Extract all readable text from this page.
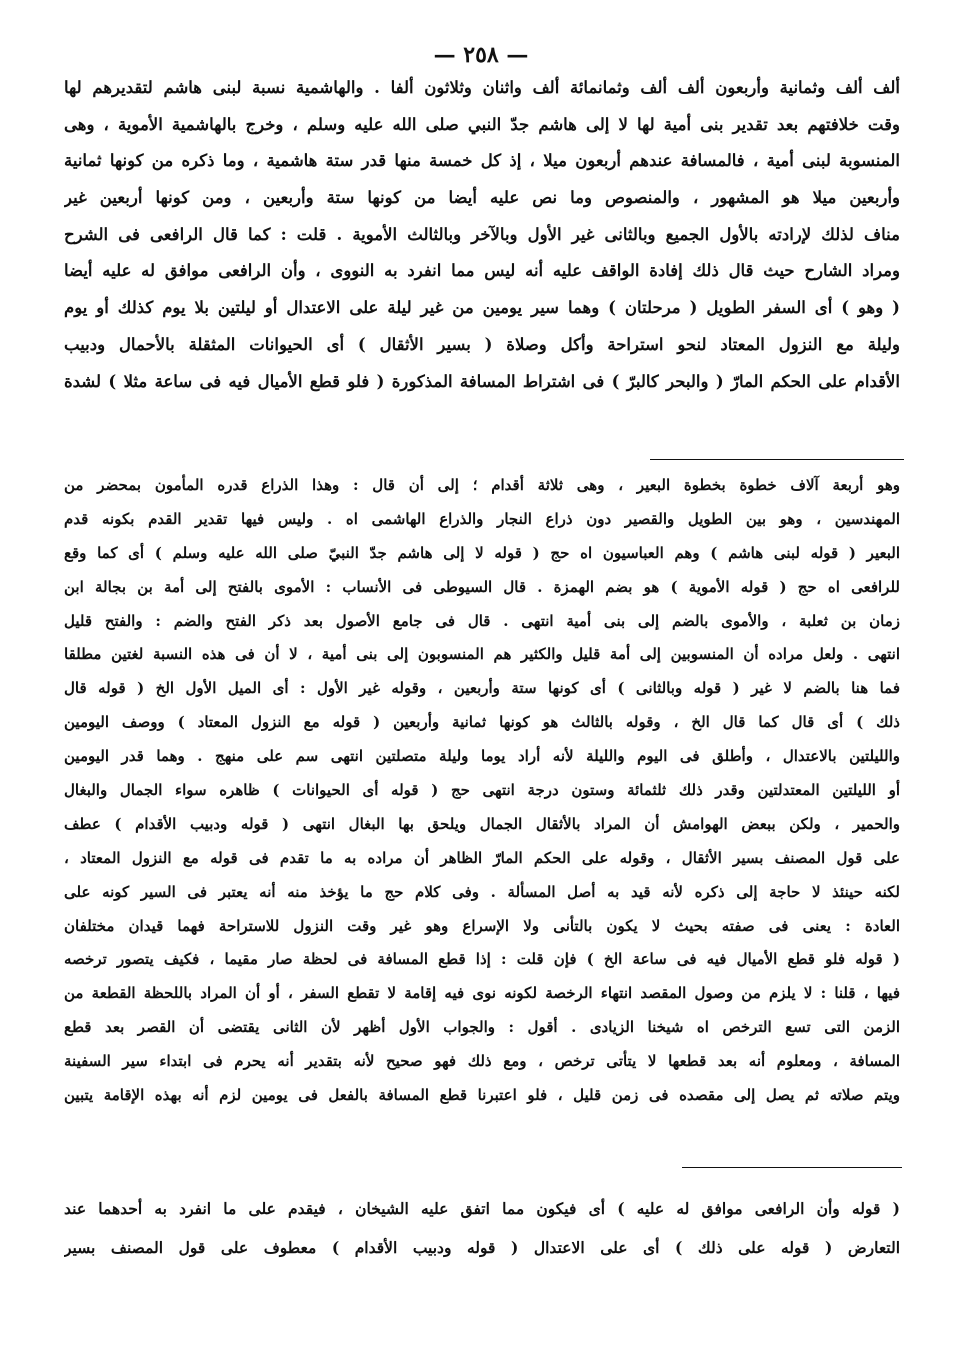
— ٢٥٨ —
ألف ألف وثمانية وأربعون ألف ألف وثمانمائة ألف واثنان وثلاثون ألفا . والهاشمية نسبة لبنى هاشم لتقديرهم لها
وقت خلافتهم بعد تقدير بنى أمية لها لا إلى هاشم جدّ النبي صلى الله عليه وسلم ، وخرج بالهاشمية الأموية ، وهى
المنسوبة لبنى أمية ، فالمسافة عندهم أربعون ميلا ، إذ كل خمسة منها قدر ستة هاشمية ، وما ذكره من كونها ثمانية
وأربعين ميلا هو المشهور ، والمنصوص وما نص عليه أيضا من كونها ستة وأربعين ، ومن كونها أربعين غير
مناف لذلك لإرادته بالأول الجميع وبالثانى غير الأول وبالآخر وبالثالث الأموية . قلت : كما قال الرافعى فى الشرح
ومراد الشارح حيث قال ذلك إفادة الواقف عليه أنه ليس مما انفرد به النووى ، وأن الرافعى موافق له عليه أيضا
( وهو ) أى السفر الطويل ( مرحلتان ) وهما سير يومين من غير ليلة على الاعتدال أو ليلتين بلا يوم كذلك أو يوم
وليلة مع النزول المعتاد لنحو استراحة وأكل وصلاة ( بسير الأثقال ) أى الحيوانات المثقلة بالأحمال ودبيب
الأقدام على الحكم المارّ ( والبحر كالبرّ ) فى اشتراط المسافة المذكورة ( فلو قطع الأميال فيه فى ساعة مثلا ) لشدة
وهو أربعة آلاف خطوة بخطوة البعير ، وهى ثلاثة أقدام ؛ إلى أن قال : وهذا الذراع قدره المأمون بمحضر من
المهندسين ، وهو بين الطويل والقصير دون ذراع النجار والذراع الهاشمى اه . وليس فيها تقدير القدم بكونه قدم
البعير ( قوله لبنى هاشم ) وهم العباسيون اه حج ( قوله لا إلى هاشم جدّ النبيّ صلى الله عليه وسلم ) أى كما وقع
للرافعى اه حج ( قوله الأموية ) هو بضم الهمزة . قال السيوطى فى الأنساب : الأموى بالفتح إلى أمة بن بجالة ابن
زمان بن ثعلبة ، والأموى بالضم إلى بنى أمية انتهى . قال فى جامع الأصول بعد ذكر الفتح والضم : والفتح قليل
انتهى . ولعل مراده أن المنسوبين إلى أمة قليل والكثير هم المنسوبون إلى بنى أمية ، لا أن فى هذه النسبة لغتين مطلقا
فما هنا بالضم لا غير ( قوله وبالثانى ) أى كونها ستة وأربعين ، وقوله غير الأول : أى الميل الأول الخ ( قوله قال
ذلك ) أى قال كما قال الخ ، وقوله بالثالث هو كونها ثمانية وأربعين ( قوله مع النزول المعتاد ) ووصف اليومين
والليلتين بالاعتدال ، وأطلق فى اليوم والليلة لأنه أراد يوما وليلة متصلتين انتهى سم على منهج . وهما قدر اليومين
أو الليلتين المعتدلتين وقدر ذلك ثلثمائة وستون درجة انتهى حج ( قوله أى الحيوانات ) ظاهره سواء الجمال والبغال
والحمير ، ولكن ببعض الهوامش أن المراد بالأثقال الجمال ويلحق بها البغال انتهى ( قوله ودبيب الأقدام ) عطف
على قول المصنف بسير الأثقال ، وقوله على الحكم المارّ الظاهر أن مراده به ما تقدم فى قوله مع النزول المعتاد ،
لكنه حينئذ لا حاجة إلى ذكره لأنه قيد به أصل المسألة . وفى كلام حج ما يؤخذ منه أنه يعتبر فى السير كونه على
العادة : يعنى فى صفته بحيث لا يكون بالتأنى ولا الإسراع وهو غير وقت النزول للاستراحة فهما قيدان مختلفان
( قوله فلو قطع الأميال فيه فى ساعة الخ ) فإن قلت : إذا قطع المسافة فى لحظة صار مقيما ، فكيف يتصور ترخصه
فيها ، قلنا : لا يلزم من وصول المقصد انتهاء الرخصة لكونه نوى فيه إقامة لا تقطع السفر ، أو أن المراد باللحظة القطعة من
الزمن التى تسع الترخص اه شيخنا الزيادى . أقول : والجواب الأول أظهر لأن الثانى يقتضى أن القصر بعد قطع
المسافة ، ومعلوم أنه بعد قطعها لا يتأتى ترخص ، ومع ذلك فهو صحيح لأنه بتقدير أنه يحرم فى ابتداء سير السفينة
ويتم صلاته ثم يصل إلى مقصده فى زمن قليل ، فلو اعتبرنا قطع المسافة بالفعل فى يومين لزم أنه بهذه الإقامة يتبين
( قوله وأن الرافعى موافق له عليه ) أى فيكون مما اتفق عليه الشيخان ، فيقدم على ما انفرد به أحدهما عند
التعارض ( قوله على ذلك ) أى على الاعتدال ( قوله ودبيب الأقدام ) معطوف على قول المصنف بسير
